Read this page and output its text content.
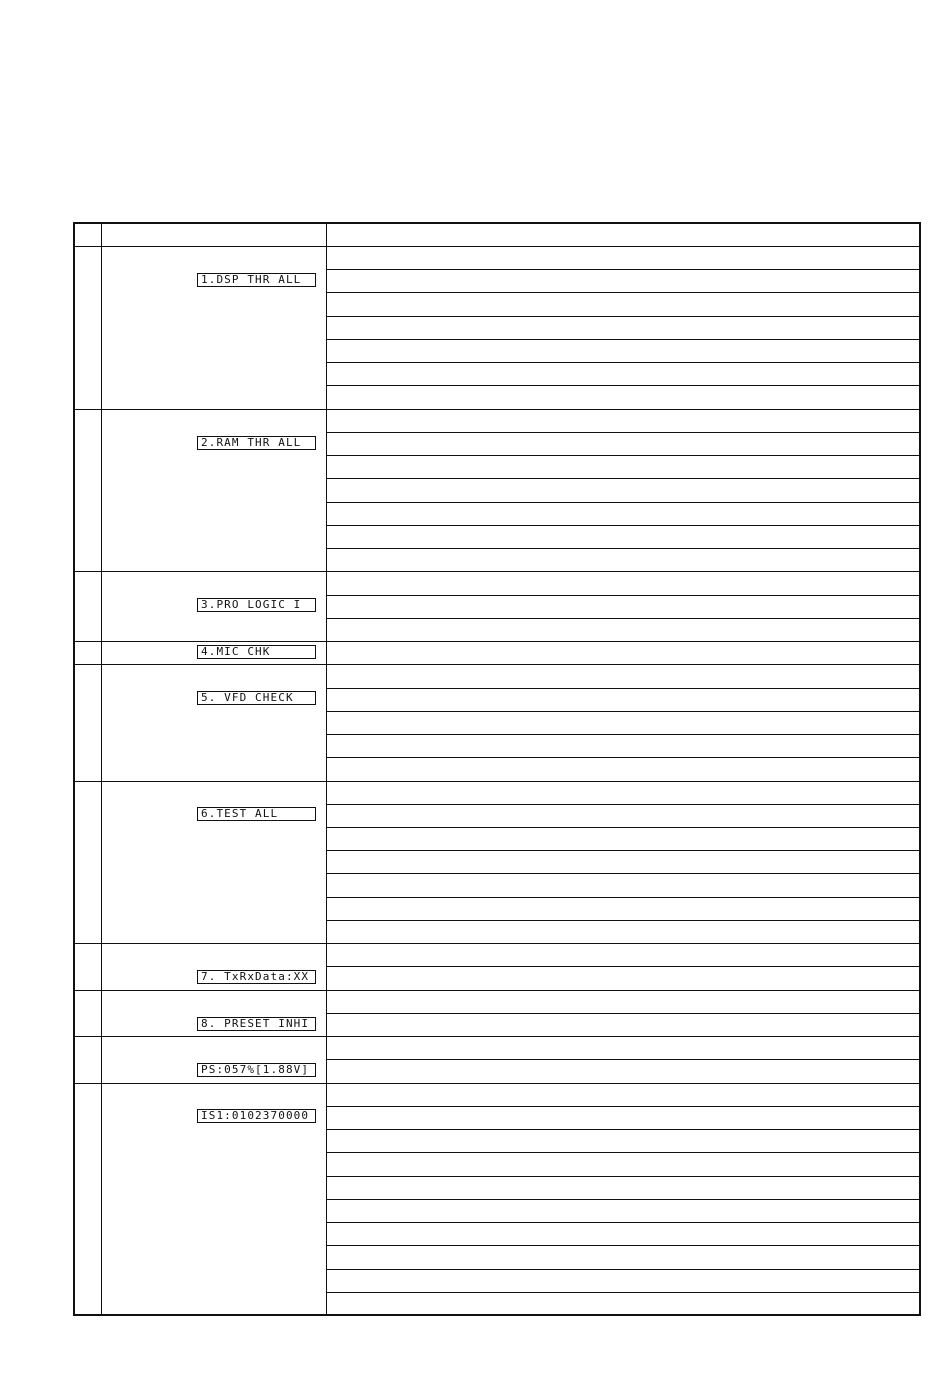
1.DSP THR ALL
2.RAM THR ALL
3.PRO LOGIC I
4.MIC CHK
5. VFD CHECK
6.TEST ALL
7. TxRxData:XX
8. PRESET INHI
PS:057%[1.88V]
IS1:0102370000
